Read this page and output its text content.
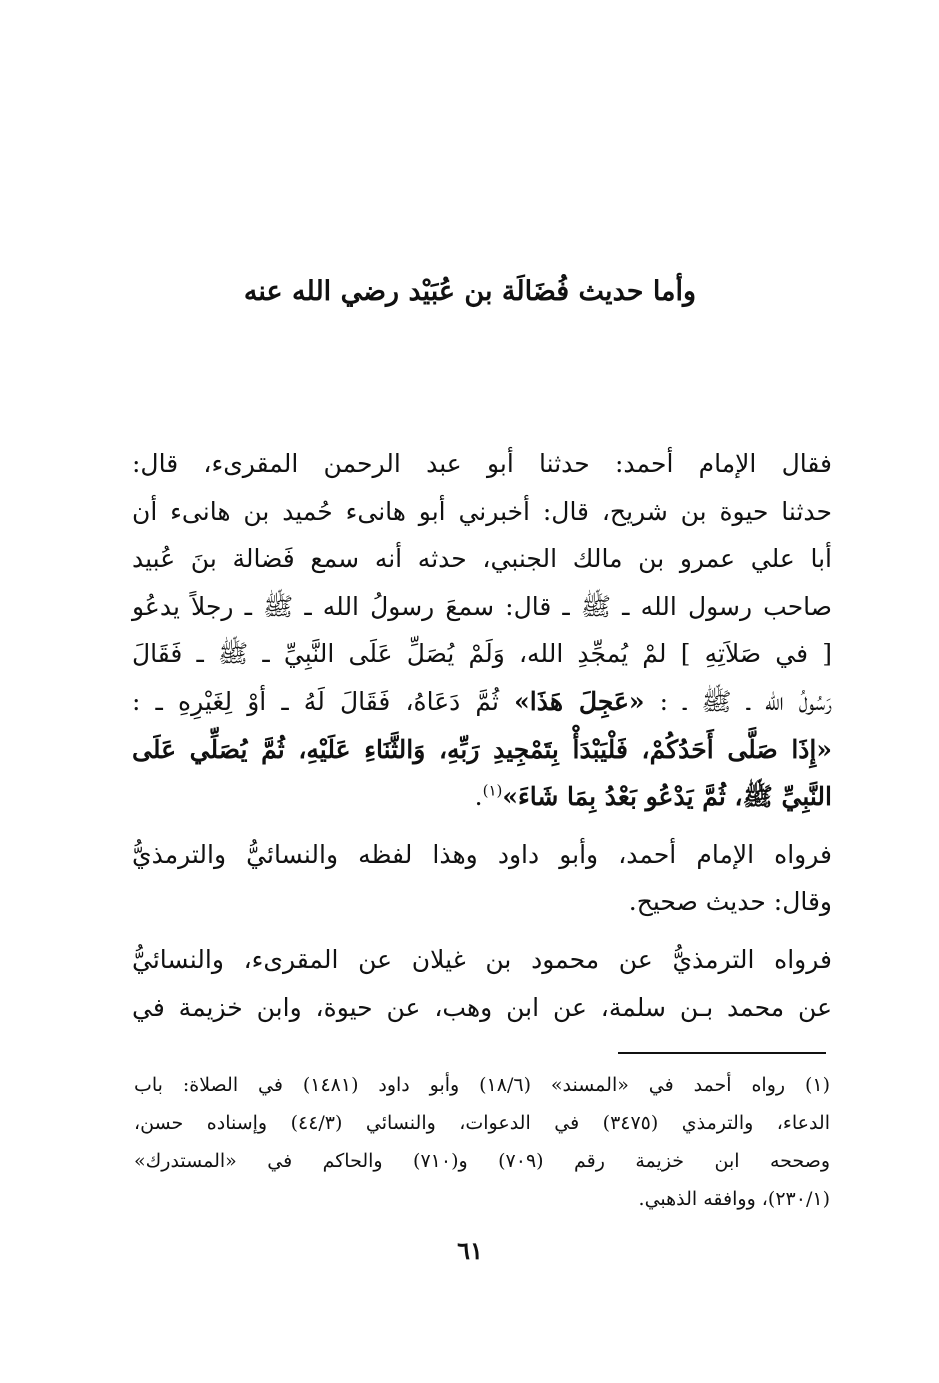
وأما حديث فُضَالَة بن عُبَيْد رضي الله عنه

فقال الإمام أحمد: حدثنا أبو عبد الرحمن المقرىء، قال:
حدثنا حيوة بن شريح، قال: أخبرني أبو هانىء حُميد بن هانىء أن
أبا علي عمرو بن مالك الجنبي، حدثه أنه سمع فَضالة بنَ عُبيد
صاحب رسول الله ـ ﷺ ـ قال: سمعَ رسولُ الله ـ ﷺ ـ رجلاً يدعُو
[ في صَلاَتِهِ ] لمْ يُمجِّدِ الله، وَلَمْ يُصَلِّ عَلَى النَّبِيِّ ـ ﷺ ـ فَقَالَ
رَسُولُ الله ـ ﷺ ـ : «عَجِلَ هَذَا» ثُمَّ دَعَاهُ، فَقَالَ لَهُ ـ أوْ لِغَيْرِهِ ـ :
«إِذَا صَلَّى أَحَدُكُمْ، فَلْيَبْدَأْ بِتَمْجِيدِ رَبِّهِ، وَالثَّنَاءِ عَلَيْهِ، ثُمَّ يُصَلِّي عَلَى
النَّبِيِّ ﷺ، ثُمَّ يَدْعُو بَعْدُ بِمَا شَاءَ»$^{(١)}$.

فرواه الإمام أحمد، وأبو داود وهذا لفظه والنسائيُّ والترمذيُّ
وقال: حديث صحيح.

فرواه الترمذيُّ عن محمود بن غيلان عن المقرىء، والنسائيُّ
عن محمد بـن سلمة، عن ابن وهب، عن حيوة، وابن خزيمة في

(١) رواه أحمد في «المسند» (١٨/٦) وأبو داود (١٤٨١) في الصلاة: باب
الدعاء، والترمذي (٣٤٧٥) في الدعوات، والنسائي (٤٤/٣) وإسناده حسن،
وصححه ابن خزيمة رقم (٧٠٩) و(٧١٠) والحاكم في «المستدرك»
(٢٣٠/١)، ووافقه الذهبي.
٦١
